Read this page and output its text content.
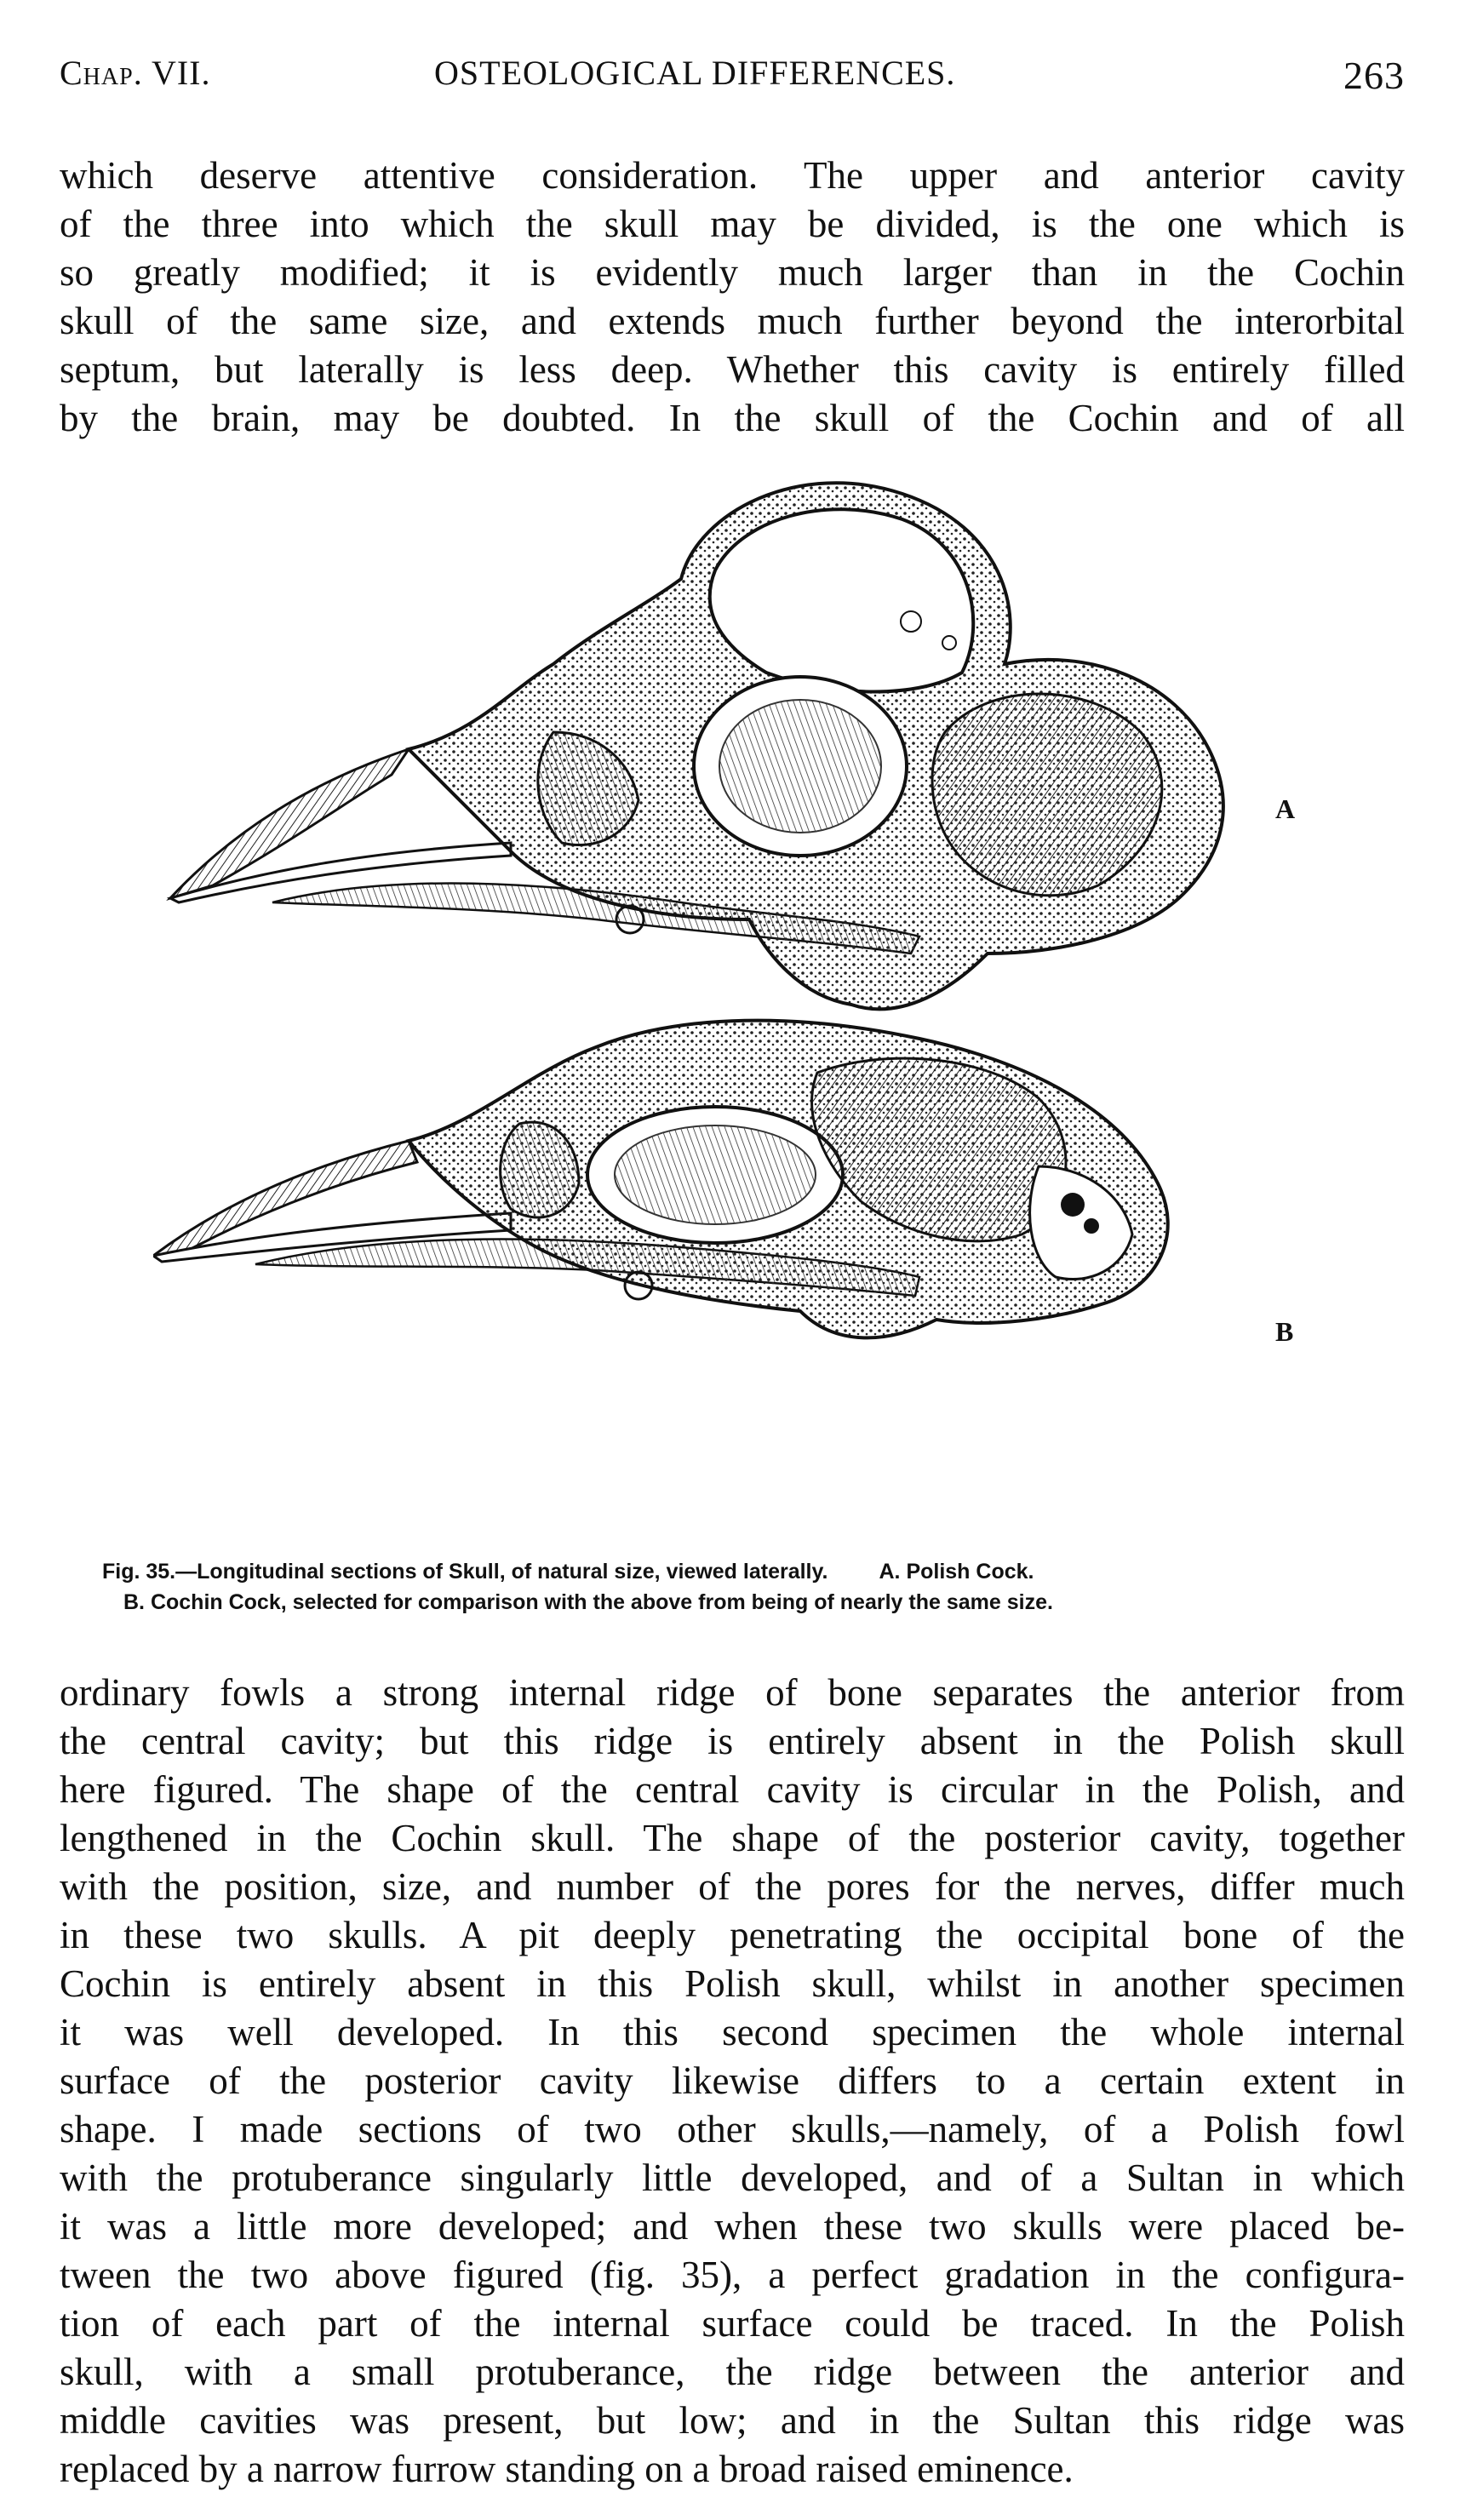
Chap. VII.	OSTEOLOGICAL DIFFERENCES.	263
which deserve attentive consideration. The upper and anterior cavity
of the three into which the skull may be divided, is the one which is
so greatly modified; it is evidently much larger than in the Cochin
skull of the same size, and extends much further beyond the interorbital
septum, but laterally is less deep. Whether this cavity is entirely filled
by the brain, may be doubted. In the skull of the Cochin and of all
A
B
Fig. 35.—Longitudinal sections of Skull, of natural size, viewed laterally. A. Polish Cock.
B. Cochin Cock, selected for comparison with the above from being of nearly the same size.
ordinary fowls a strong internal ridge of bone separates the anterior from
the central cavity; but this ridge is entirely absent in the Polish skull
here figured. The shape of the central cavity is circular in the Polish, and
lengthened in the Cochin skull. The shape of the posterior cavity, together
with the position, size, and number of the pores for the nerves, differ much
in these two skulls. A pit deeply penetrating the occipital bone of the
Cochin is entirely absent in this Polish skull, whilst in another specimen
it was well developed. In this second specimen the whole internal
surface of the posterior cavity likewise differs to a certain extent in
shape. I made sections of two other skulls,—namely, of a Polish fowl
with the protuberance singularly little developed, and of a Sultan in which
it was a little more developed; and when these two skulls were placed be-
tween the two above figured (fig. 35), a perfect gradation in the configura-
tion of each part of the internal surface could be traced. In the Polish
skull, with a small protuberance, the ridge between the anterior and
middle cavities was present, but low; and in the Sultan this ridge was
replaced by a narrow furrow standing on a broad raised eminence.
